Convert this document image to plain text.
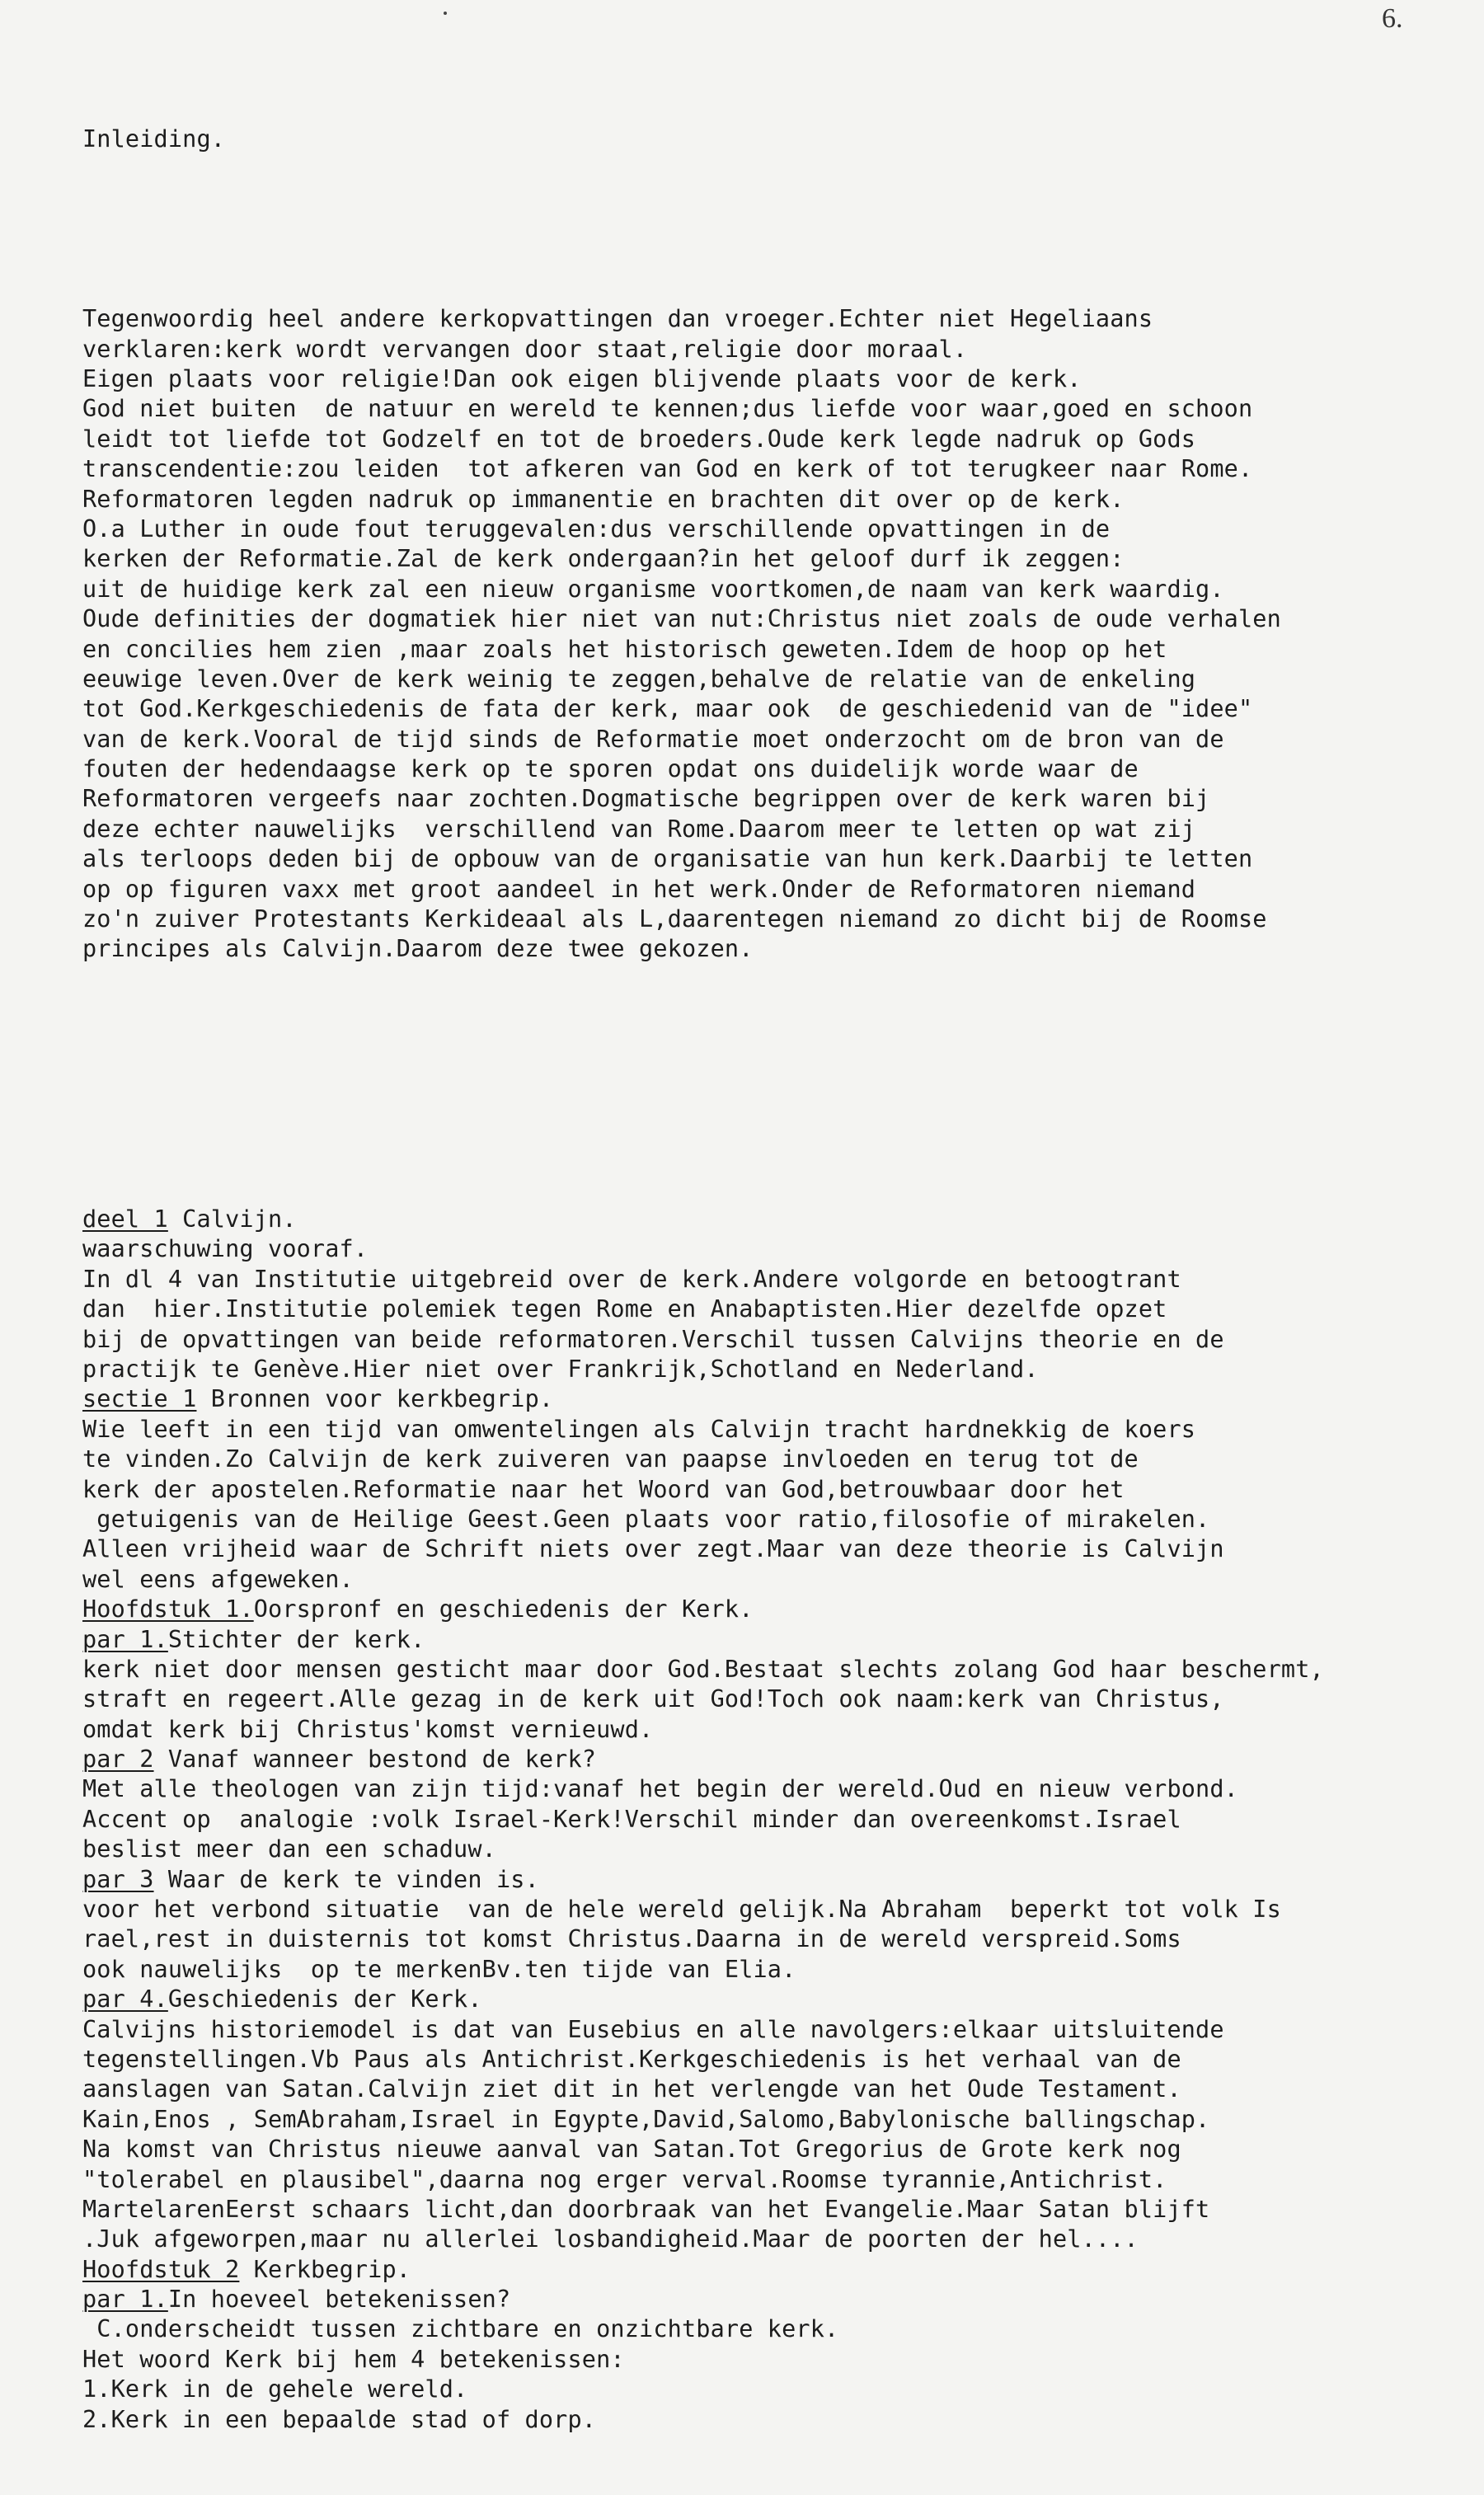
6.

Inleiding.

Tegenwoordig heel andere kerkopvattingen dan vroeger.Echter niet Hegeliaans
verklaren:kerk wordt vervangen door staat,religie door moraal.
Eigen plaats voor religie!Dan ook eigen blijvende plaats voor de kerk.
God niet buiten  de natuur en wereld te kennen;dus liefde voor waar,goed en schoon
leidt tot liefde tot Godzelf en tot de broeders.Oude kerk legde nadruk op Gods
transcendentie:zou leiden  tot afkeren van God en kerk of tot terugkeer naar Rome.
Reformatoren legden nadruk op immanentie en brachten dit over op de kerk.
O.a Luther in oude fout teruggevalen:dus verschillende opvattingen in de
kerken der Reformatie.Zal de kerk ondergaan?in het geloof durf ik zeggen:
uit de huidige kerk zal een nieuw organisme voortkomen,de naam van kerk waardig.
Oude definities der dogmatiek hier niet van nut:Christus niet zoals de oude verhalen
en concilies hem zien ,maar zoals het historisch geweten.Idem de hoop op het
eeuwige leven.Over de kerk weinig te zeggen,behalve de relatie van de enkeling
tot God.Kerkgeschiedenis de fata der kerk, maar ook  de geschiedenid van de "idee"
van de kerk.Vooral de tijd sinds de Reformatie moet onderzocht om de bron van de
fouten der hedendaagse kerk op te sporen opdat ons duidelijk worde waar de
Reformatoren vergeefs naar zochten.Dogmatische begrippen over de kerk waren bij
deze echter nauwelijks  verschillend van Rome.Daarom meer te letten op wat zij
als terloops deden bij de opbouw van de organisatie van hun kerk.Daarbij te letten
op op figuren vaxx met groot aandeel in het werk.Onder de Reformatoren niemand
zo'n zuiver Protestants Kerkideaal als L,daarentegen niemand zo dicht bij de Roomse
principes als Calvijn.Daarom deze twee gekozen.

deel 1 Calvijn.
waarschuwing vooraf.
In dl 4 van Institutie uitgebreid over de kerk.Andere volgorde en betoogtrant
dan  hier.Institutie polemiek tegen Rome en Anabaptisten.Hier dezelfde opzet
bij de opvattingen van beide reformatoren.Verschil tussen Calvijns theorie en de
practijk te Genève.Hier niet over Frankrijk,Schotland en Nederland.
sectie 1 Bronnen voor kerkbegrip.
Wie leeft in een tijd van omwentelingen als Calvijn tracht hardnekkig de koers
te vinden.Zo Calvijn de kerk zuiveren van paapse invloeden en terug tot de
kerk der apostelen.Reformatie naar het Woord van God,betrouwbaar door het
getuigenis van de Heilige Geest.Geen plaats voor ratio,filosofie of mirakelen.
Alleen vrijheid waar de Schrift niets over zegt.Maar van deze theorie is Calvijn
wel eens afgeweken.
Hoofdstuk 1.Oorspronf en geschiedenis der Kerk.
par 1.Stichter der kerk.
kerk niet door mensen gesticht maar door God.Bestaat slechts zolang God haar beschermt,
straft en regeert.Alle gezag in de kerk uit God!Toch ook naam:kerk van Christus,
omdat kerk bij Christus'komst vernieuwd.
par 2 Vanaf wanneer bestond de kerk?
Met alle theologen van zijn tijd:vanaf het begin der wereld.Oud en nieuw verbond.
Accent op  analogie :volk Israel-Kerk!Verschil minder dan overeenkomst.Israel
beslist meer dan een schaduw.
par 3 Waar de kerk te vinden is.
voor het verbond situatie  van de hele wereld gelijk.Na Abraham  beperkt tot volk Is
rael,rest in duisternis tot komst Christus.Daarna in de wereld verspreid.Soms
ook nauwelijks  op te merkenBv.ten tijde van Elia.
par 4.Geschiedenis der Kerk.
Calvijns historiemodel is dat van Eusebius en alle navolgers:elkaar uitsluitende
tegenstellingen.Vb Paus als Antichrist.Kerkgeschiedenis is het verhaal van de
aanslagen van Satan.Calvijn ziet dit in het verlengde van het Oude Testament.
Kain,Enos , SemAbraham,Israel in Egypte,David,Salomo,Babylonische ballingschap.
Na komst van Christus nieuwe aanval van Satan.Tot Gregorius de Grote kerk nog
"tolerabel en plausibel",daarna nog erger verval.Roomse tyrannie,Antichrist.
MartelarenEerst schaars licht,dan doorbraak van het Evangelie.Maar Satan blijft
.Juk afgeworpen,maar nu allerlei losbandigheid.Maar de poorten der hel....
Hoofdstuk 2 Kerkbegrip.
par 1.In hoeveel betekenissen?
C.onderscheidt tussen zichtbare en onzichtbare kerk.
Het woord Kerk bij hem 4 betekenissen:
1.Kerk in de gehele wereld.
2.Kerk in een bepaalde stad of dorp.
